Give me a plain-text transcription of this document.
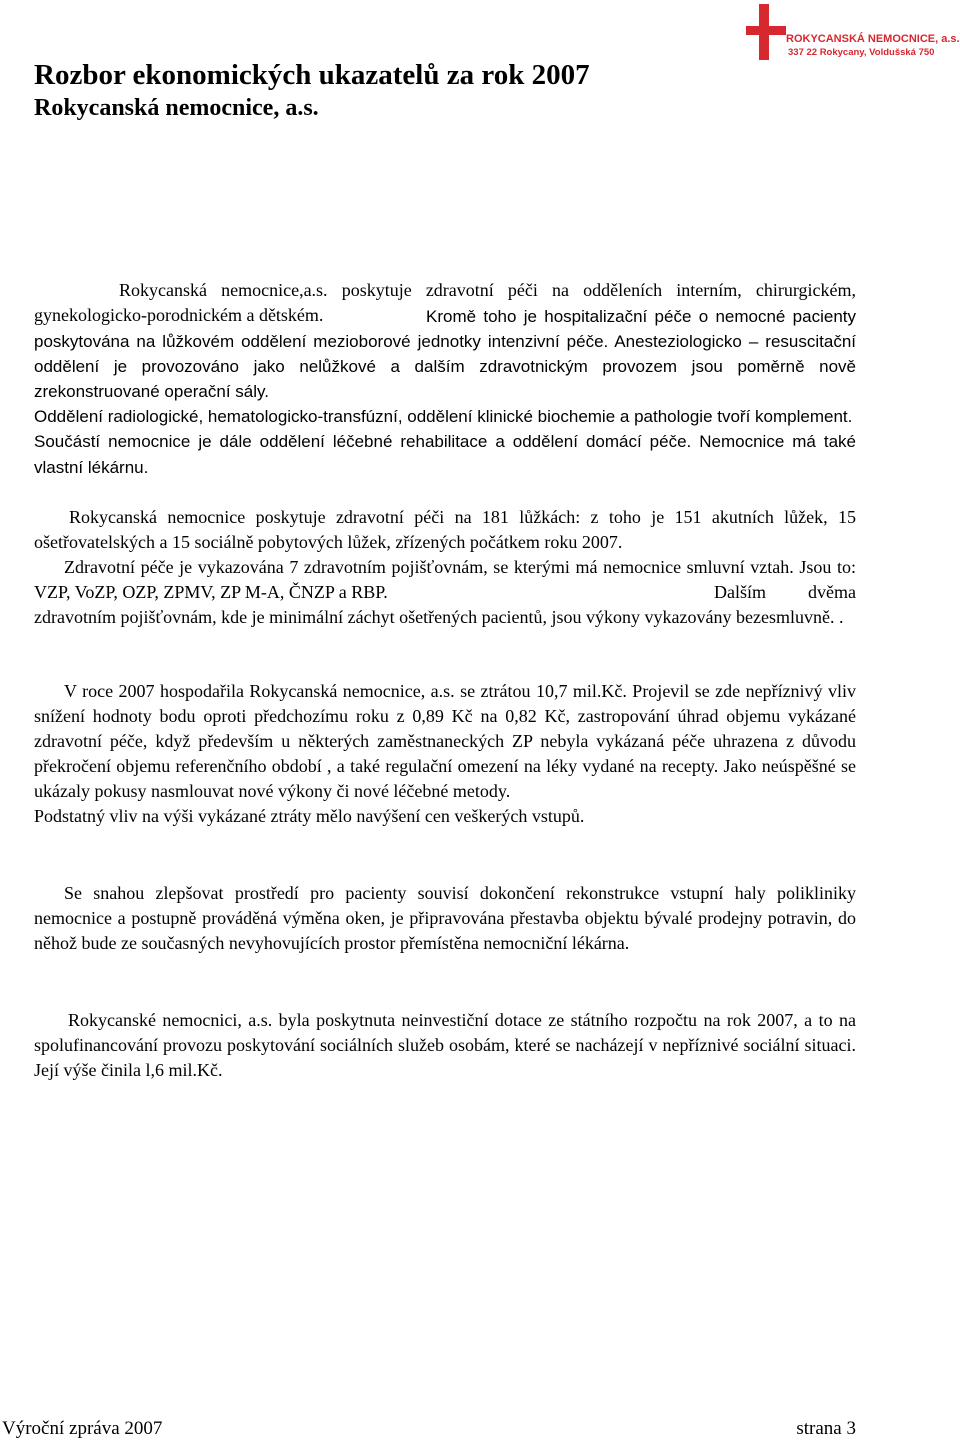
ROKYCANSKÁ NEMOCNICE, a.s.
337 22 Rokycany, Voldušská 750
Rozbor ekonomických ukazatelů za rok 2007
Rokycanská nemocnice, a.s.

Rokycanská nemocnice,a.s. poskytuje zdravotní péči na odděleních interním, chirurgickém, gynekologicko-porodnickém a dětském.	Kromě toho je hospitalizační péče o nemocné pacienty poskytována na lůžkovém oddělení mezioborové jednotky intenzivní péče. Anesteziologicko – resuscitační oddělení je provozováno jako nelůžkové a dalším zdravotnickým provozem jsou poměrně nově zrekonstruované operační sály.

Oddělení radiologické, hematologicko-transfúzní, oddělení klinické biochemie a pathologie tvoří komplement.

Součástí nemocnice je dále oddělení léčebné rehabilitace a oddělení domácí péče. Nemocnice má také vlastní lékárnu.

Rokycanská nemocnice poskytuje zdravotní péči na 181 lůžkách: z toho je 151 akutních lůžek, 15 ošetřovatelských a 15 sociálně pobytových lůžek, zřízených počátkem roku 2007.

Zdravotní péče je vykazována 7 zdravotním pojišťovnám, se kterými má nemocnice smluvní vztah. Jsou to: VZP, VoZP, OZP, ZPMV, ZP M-A, ČNZP a RBP.	Dalším dvěma zdravotním pojišťovnám, kde je minimální záchyt ošetřených pacientů, jsou výkony vykazovány bezesmluvně. .

V roce 2007 hospodařila Rokycanská nemocnice, a.s. se ztrátou 10,7 mil.Kč. Projevil se zde nepříznivý vliv snížení hodnoty bodu oproti předchozímu roku z 0,89 Kč na 0,82 Kč, zastropování úhrad objemu vykázané zdravotní péče, když především u některých zaměstnaneckých ZP nebyla vykázaná péče uhrazena z důvodu překročení objemu referenčního období , a také regulační omezení na léky vydané na recepty. Jako neúspěšné se ukázaly pokusy nasmlouvat nové výkony či nové léčebné metody.

Podstatný vliv na výši vykázané ztráty mělo navýšení cen veškerých vstupů.

Se snahou zlepšovat prostředí pro pacienty souvisí dokončení rekonstrukce vstupní haly polikliniky nemocnice a postupně prováděná výměna oken, je připravována přestavba objektu bývalé prodejny potravin, do něhož bude ze současných nevyhovujících prostor přemístěna nemocniční lékárna.

Rokycanské nemocnici, a.s. byla poskytnuta neinvestiční dotace ze státního rozpočtu na rok 2007, a to na spolufinancování provozu poskytování sociálních služeb osobám, které se nacházejí v nepříznivé sociální situaci. Její výše činila l,6 mil.Kč.

Výroční zpráva 2007	strana 3
